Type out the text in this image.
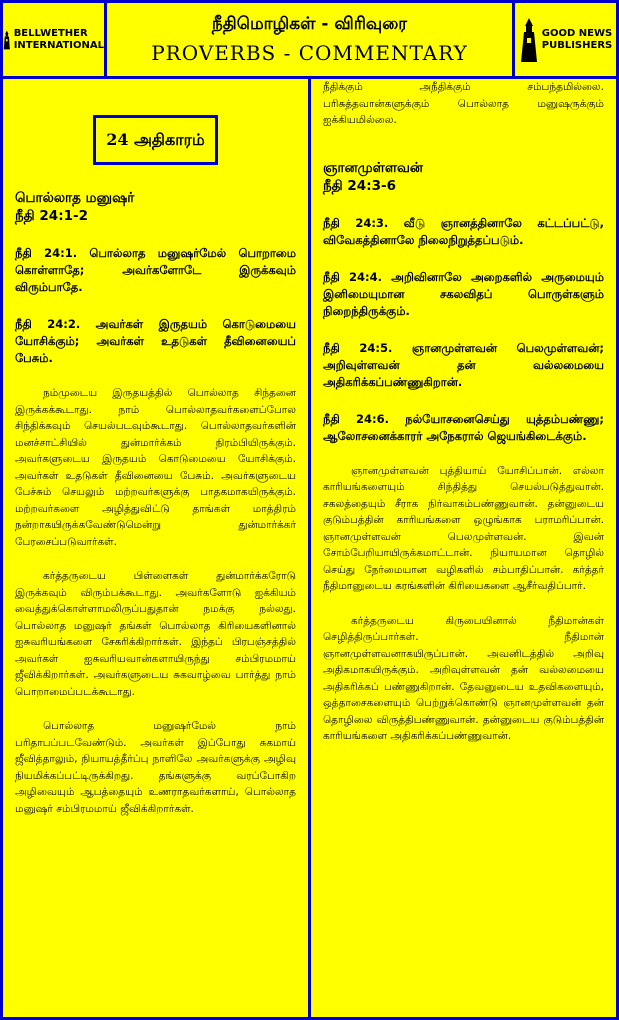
BELLWETHER
INTERNATIONAL
நீதிமொழிகள் - விரிவுரை
PROVERBS - COMMENTARY
GOOD NEWS
PUBLISHERS
24 அதிகாரம்
பொல்லாத மனுஷர்
நீதி 24:1-2
நீதி 24:1. பொல்லாத மனுஷர்மேல் பொறாமை கொள்ளாதே; அவர்களோடே இருக்கவும் விரும்பாதே.
நீதி 24:2. அவர்கள் இருதயம் கொடுமையை யோசிக்கும்; அவர்கள் உதடுகள் தீவினையைப் பேசும்.
நம்முடைய இருதயத்தில் பொல்லாத சிந்தனை இருக்கக்கூடாது. நாம் பொல்லாதவர்களைப்போல சிந்திக்கவும் செயல்படவும்கூடாது. பொல்லாதவர்களின் மனச்சாட்சியில் துன்மார்க்கம் நிரம்பியிருக்கும். அவர்களுடைய இருதயம் கொடுமையை யோசிக்கும். அவர்கள் உதடுகள் தீவினையை பேசும். அவர்களுடைய பேச்சும் செயலும் மற்றவர்களுக்கு பாதகமாகயிருக்கும். மற்றவர்களை அழித்துவிட்டு தாங்கள் மாத்திரம் நன்றாகயிருக்கவேண்டுமென்று துன்மார்க்கர் பேரசைப்படுவார்கள்.
கர்த்தருடைய பிள்ளைகள் துன்மார்க்கரோடு இருக்கவும் விரும்பக்கூடாது. அவர்களோடு ஐக்கியம் வைத்துக்கொள்ளாமலிருப்பதுதான் நமக்கு நல்லது. பொல்லாத மனுஷர் தங்கள் பொல்லாத கிரியைகளினால் ஐசுவரியங்களை சேகரிக்கிறார்கள். இந்தப் பிரபஞ்சத்தில் அவர்கள் ஐசுவரியவான்களாயிருந்து சம்பிரமமாய் ஜீவிக்கிறார்கள். அவர்களுடைய சுகவாழ்வை பார்த்து நாம் பொறாமைப்படக்கூடாது.
பொல்லாத மனுஷர்மேல் நாம் பரிதாபப்படவேண்டும். அவர்கள் இப்போது சுகமாய் ஜீவித்தாலும், நியாயத்தீர்ப்பு நாளிலே அவர்களுக்கு அழிவு நியமிக்கப்பட்டிருக்கிறது. தங்களுக்கு வரப்போகிற அழிவையும் ஆபத்தையும் உணராதவர்களாய், பொல்லாத மனுஷர் சம்பிரமமாய் ஜீவிக்கிறார்கள்.
நீதிக்கும் அநீதிக்கும் சம்பந்தமில்லை. பரிசுத்தவான்களுக்கும் பொல்லாத மனுஷருக்கும் ஐக்கியமில்லை.
ஞானமுள்ளவன்
நீதி 24:3-6
நீதி 24:3. வீடு ஞானத்தினாலே கட்டப்பட்டு, விவேகத்தினாலே நிலைநிறுத்தப்படும்.
நீதி 24:4. அறிவினாலே அறைகளில் அருமையும் இனிமையுமான சகலவிதப் பொருள்களும் நிறைந்திருக்கும்.
நீதி 24:5. ஞானமுள்ளவன் பெலமுள்ளவன்; அறிவுள்ளவன் தன் வல்லமையை அதிகரிக்கப்பண்ணுகிறான்.
நீதி 24:6. நல்யோசனைசெய்து யுத்தம்பண்ணு; ஆலோசனைக்காரர் அநேகரால் ஜெயங்கிடைக்கும்.
ஞானமுள்ளவன் புத்தியாய் யோசிப்பான். எல்லா காரியங்களையும் சிந்தித்து செயல்படுத்துவான். சகலத்தையும் சீராக நிர்வாகம்பண்ணுவான். தன்னுடைய குடும்பத்தின் காரியங்களை ஒழுங்காக பராமரிப்பான். ஞானமுள்ளவன் பெலமுள்ளவன். இவன் சோம்பேறியாயிருக்கமாட்டான். நியாயமான தொழில் செய்து நேர்மையான வழிகளில் சம்பாதிப்பான். கர்த்தர் நீதிமானுடைய கரங்களின் கிரியைகளை ஆசீர்வதிப்பார்.
கர்த்தருடைய கிருபையினால் நீதிமான்கள் செழித்திருப்பார்கள். நீதிமான் ஞானமுள்ளவனாகயிருப்பான். அவனிடத்தில் அறிவு அதிகமாகயிருக்கும். அறிவுள்ளவன் தன் வல்லமையை அதிகரிக்கப் பண்ணுகிறான். தேவனுடைய உதவிகளையும், ஒத்தாசைகளையும் பெற்றுக்கொண்டு ஞானமுள்ளவன் தன் தொழிலை விருத்திபண்ணுவான். தன்னுடைய குடும்பத்தின் காரியங்களை அதிகரிக்கப்பண்ணுவான்.
